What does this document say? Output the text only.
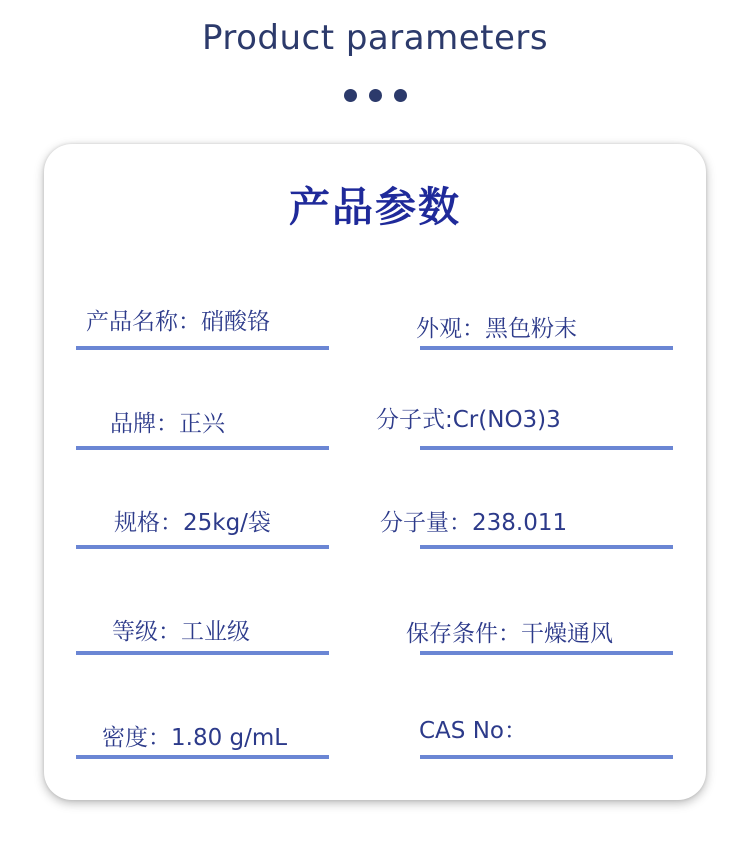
Product parameters
产品参数
产品名称：硝酸铬
品牌：正兴
规格：25kg/袋
等级：工业级
密度：1.80 g/mL
外观：黑色粉末
分子式:Cr(NO3)3
分子量：238.011
保存条件：干燥通风
CAS No：
